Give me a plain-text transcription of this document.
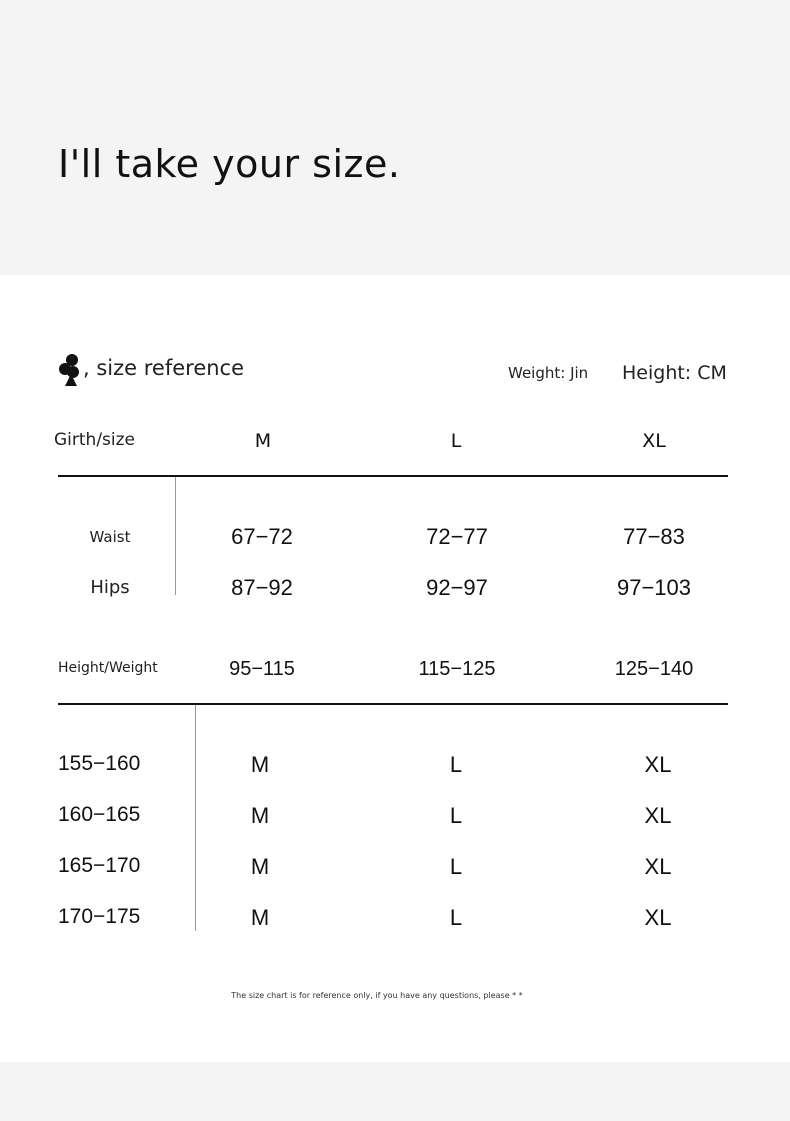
I'll take your size.
, size reference	Weight: Jin Height: CM
Girth/size	M	L	XL
Waist	67−72	72−77	77−83
Hips	87−92	92−97	97−103
Height/Weight	95−115	115−125	125−140
155−160	M	L	XL
160−165	M	L	XL
165−170	M	L	XL
170−175	M	L	XL
The size chart is for reference only, if you have any questions, please * *
